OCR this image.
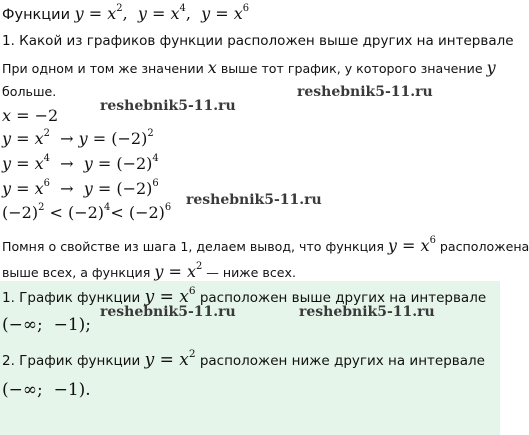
Функции $y = x^2$,  $y = x^4$,  $y = x^6$
1. Какой из графиков функции расположен выше других на интервале
При одном и том же значении x выше тот график, у которого значение y
больше.
x = −2
$y = x^2 \to y = (-2)^2$
$y = x^4 \to y = (-2)^4$
$y = x^6 \to y = (-2)^6$
$(-2)^2 < (-2)^4< (-2)^6$
Помня о свойстве из шага 1, делаем вывод, что функция $y = x^6$ расположена
выше всех, а функция $y = x^2$ — ниже всех.
1. График функции $y = x^6$ расположен выше других на интервале
(−∞;  −1);
2. График функции $y = x^2$ расположен ниже других на интервале
(−∞;  −1).
reshebnik5-11.ru
reshebnik5-11.ru
reshebnik5-11.ru
reshebnik5-11.ru	reshebnik5-11.ru
